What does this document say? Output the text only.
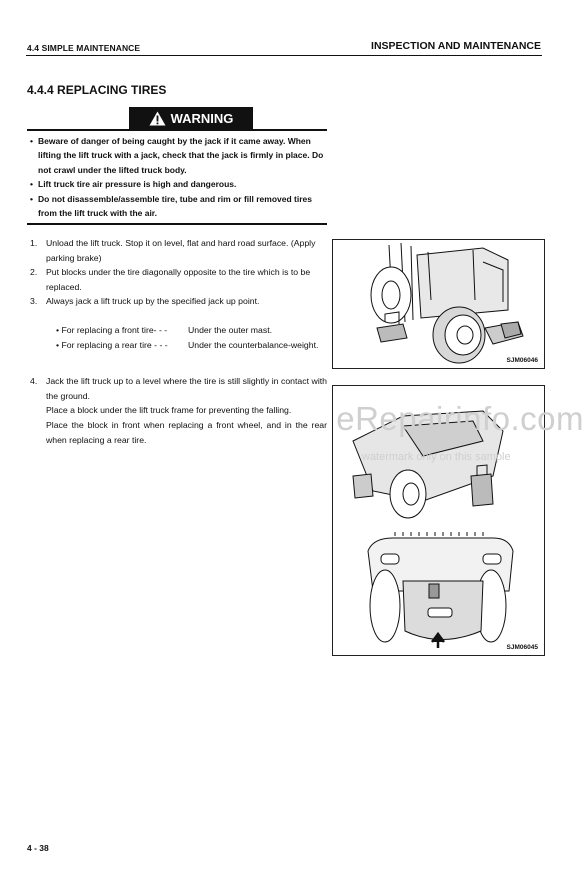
4.4 SIMPLE MAINTENANCE	INSPECTION AND MAINTENANCE
4.4.4 REPLACING TIRES
WARNING
• Beware of danger of being caught by the jack if it came away. When lifting the lift truck with a jack, check that the jack is firmly in place. Do not crawl under the lifted truck body.
• Lift truck tire air pressure is high and dangerous.
• Do not disassemble/assemble tire, tube and rim or fill removed tires from the lift truck with the air.
1. Unload the lift truck. Stop it on level, flat and hard road surface. (Apply parking brake)
2. Put blocks under the tire diagonally opposite to the tire which is to be replaced.
3. Always jack a lift truck up by the specified jack up point.
• For replacing a front tire- - -	Under the outer mast.
• For replacing a rear tire - - -	Under the counterbalance-weight.
4. Jack the lift truck up to a level where the tire is still slightly in contact with the ground.
Place a block under the lift truck frame for preventing the falling.
Place the block in front when replacing a front wheel, and in the rear when replacing a rear tire.
SJM06046
SJM06045
eRepairinfo.com
watermark only on this sample
4 - 38
